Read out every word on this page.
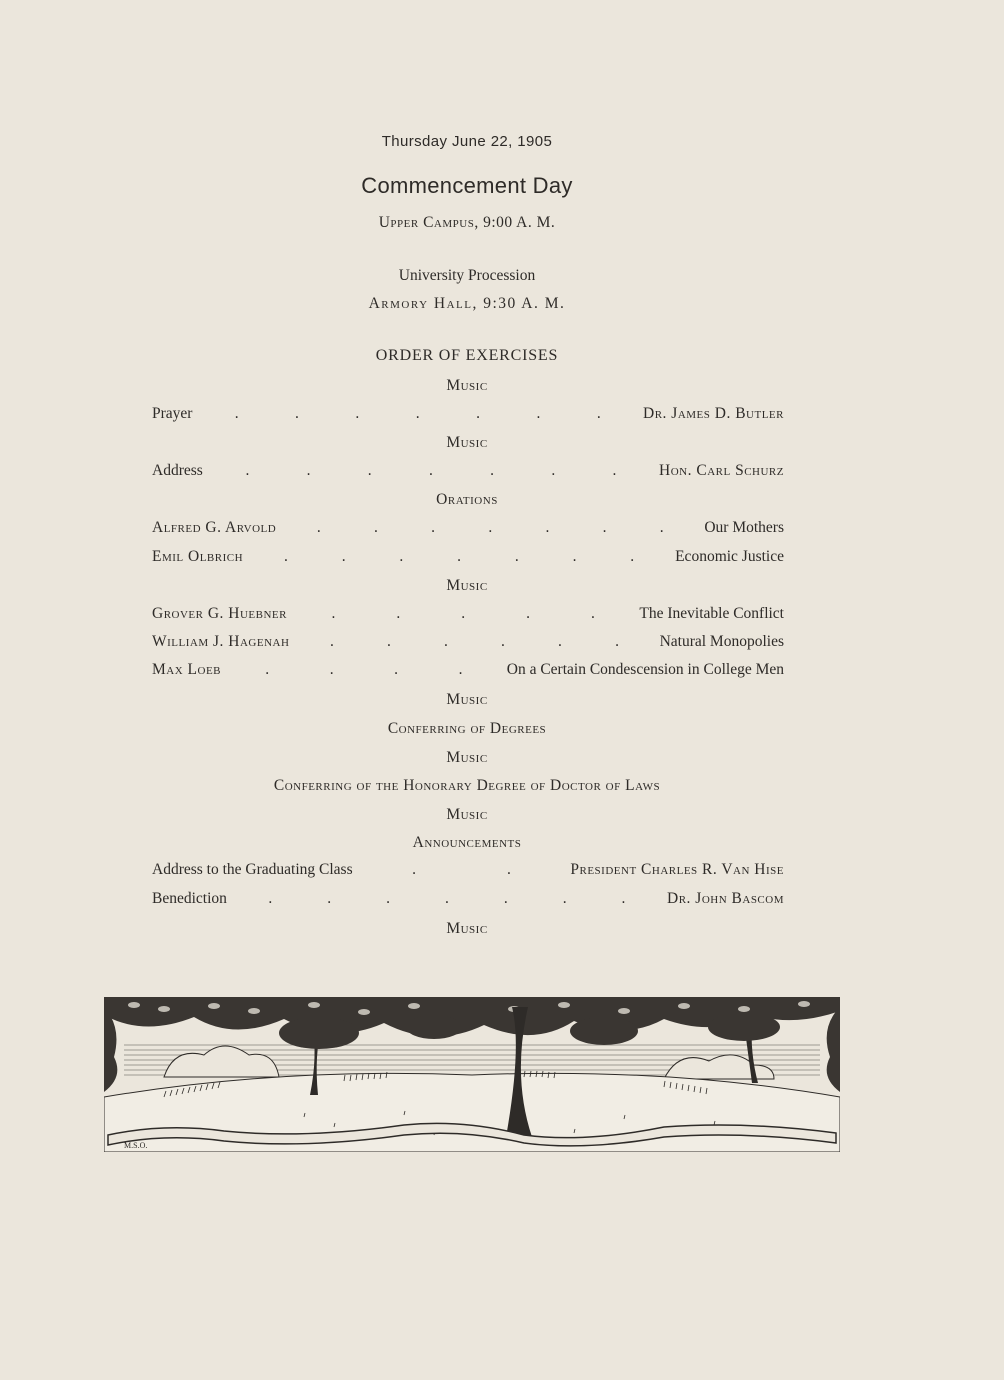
Thursday June 22, 1905
Commencement Day
Upper Campus, 9:00 A. M.
University Procession
Armory Hall, 9:30 A. M.
ORDER OF EXERCISES
Music
Prayer	.	.	.	.	.	.	.	Dr. James D. Butler
Music
Address	.	.	.	.	.	.	.	Hon. Carl Schurz
Orations
Alfred G. Arvold	.	.	.	.	.	.	.	Our Mothers
Emil Olbrich	.	.	.	.	.	.	.	Economic Justice
Music
Grover G. Huebner	.	.	.	.	.	The Inevitable Conflict
William J. Hagenah	.	.	.	.	.	.	Natural Monopolies
Max Loeb	.	.	.	.	On a Certain Condescension in College Men
Music
Conferring of Degrees
Music
Conferring of the Honorary Degree of Doctor of Laws
Music
Announcements
Address to the Graduating Class	.	.	President Charles R. Van Hise
Benediction	.	.	.	.	.	.	.	Dr. John Bascom
Music
M.S.O.
